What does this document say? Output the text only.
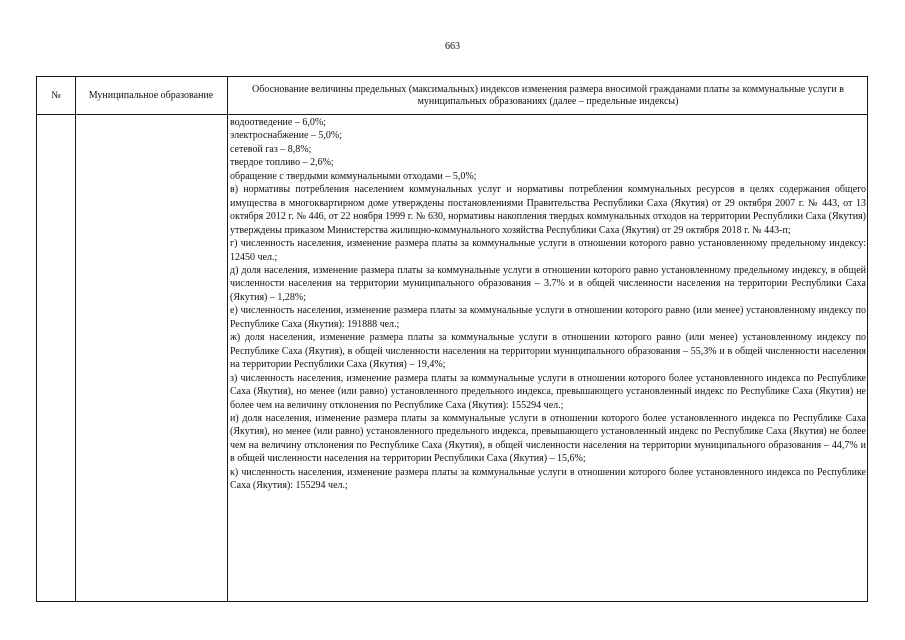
663
№	Муниципальное образование
Обоснование величины предельных (максимальных) индексов изменения размера вносимой гражданами платы за коммунальные услуги в муниципальных образованиях (далее – предельные индексы)

водоотведение – 6,0%;

электроснабжение – 5,0%;

сетевой газ – 8,8%;

твердое топливо – 2,6%;

обращение с твердыми коммунальными отходами – 5,0%;

в) нормативы потребления населением коммунальных услуг и нормативы потребления коммунальных ресурсов в целях содержания общего имущества в многоквартирном доме утверждены постановлениями Правительства Республики Саха (Якутия) от 29 октября 2007 г. № 443, от 13 октября 2012 г. № 446, от 22 ноября 1999 г. № 630, нормативы накопления твердых коммунальных отходов на территории Республики Саха (Якутия) утверждены приказом Министерства жилищно-коммунального хозяйства Республики Саха (Якутия) от 29 октября 2018 г. № 443-п;

г) численность населения, изменение размера платы за коммунальные услуги в отношении которого равно установленному предельному индексу: 12450 чел.;

д) доля населения, изменение размера платы за коммунальные услуги в отношении которого равно установленному предельному индексу, в общей численности населения на территории муниципального образования – 3.7% и в общей численности населения на территории Республики Саха (Якутия) – 1,28%;

е) численность населения, изменение размера платы за коммунальные услуги в отношении которого равно (или менее) установленному индексу по Республике Саха (Якутия): 191888 чел.;

ж) доля населения, изменение размера платы за коммунальные услуги в отношении которого равно (или менее) установленному индексу по Республике Саха (Якутия), в общей численности населения на территории муниципального образования – 55,3% и в общей численности населения на территории Республики Саха (Якутия) – 19,4%;

з) численность населения, изменение размера платы за коммунальные услуги в отношении которого более установленного индекса по Республике Саха (Якутия), но менее (или равно) установленного предельного индекса, превышающего установленный индекс по Республике Саха (Якутия) не более чем на величину отклонения по Республике Саха (Якутия): 155294 чел.;

и) доля населения, изменение размера платы за коммунальные услуги в отношении которого более установленного индекса по Республике Саха (Якутия), но менее (или равно) установленного предельного индекса, превышающего установленный индекс по Республике Саха (Якутия) не более чем на величину отклонения по Республике Саха (Якутия), в общей численности населения на территории муниципального образования – 44,7% и в общей численности населения на территории Республики Саха (Якутия) – 15,6%;

к) численность населения, изменение размера платы за коммунальные услуги в отношении которого более установленного индекса по Республике Саха (Якутия): 155294 чел.;
